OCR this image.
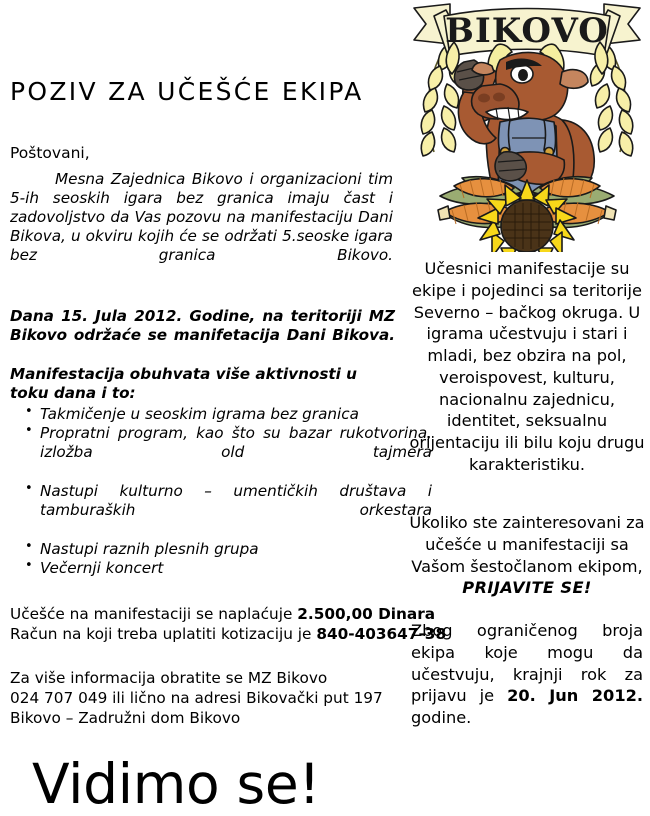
POZIV ZA UČEŠĆE EKIPA

Poštovani,

Mesna Zajednica Bikovo i organizacioni tim 5-ih seoskih igara bez granica imaju čast i zadovoljstvo da Vas pozovu na manifestaciju Dani Bikova, u okviru kojih će se održati 5.seoske igara bez granica Bikovo.

Dana 15. Jula 2012. Godine, na teritoriji MZ Bikovo održaće se manifetacija Dani Bikova.

Manifestacija obuhvata više aktivnosti u toku dana i to:

• Takmičenje u seoskim igrama bez granica
• Propratni program, kao što su bazar rukotvorina, izložba old tajmera
• Nastupi kulturno – umentičkih društava i tamburaških orkestara
• Nastupi raznih plesnih grupa
• Večernji koncert

Učešće na manifestaciji se naplaćuje 2.500,00 Dinara

Račun na koji treba uplatiti kotizaciju je 840-403647-38

Za više informacija obratite se MZ Bikovo

024 707 049 ili lično na adresi Bikovački put 197 Bikovo – Zadružni dom Bikovo

Vidimo se!
BIKOVO

Učesnici manifestacije su ekipe i pojedinci sa teritorije Severno – bačkog okruga. U igrama učestvuju i stari i mladi, bez obzira na pol, veroispovest, kulturu, nacionalnu zajednicu, identitet, seksualnu orijentaciju ili bilu koju drugu karakteristiku.

Ukoliko ste zainteresovani za učešće u manifestaciji sa Vašom šestočlanom ekipom,
PRIJAVITE SE!

Zbog ograničenog broja ekipa koje mogu da učestvuju, krajnji rok za prijavu je 20. Jun 2012. godine.
